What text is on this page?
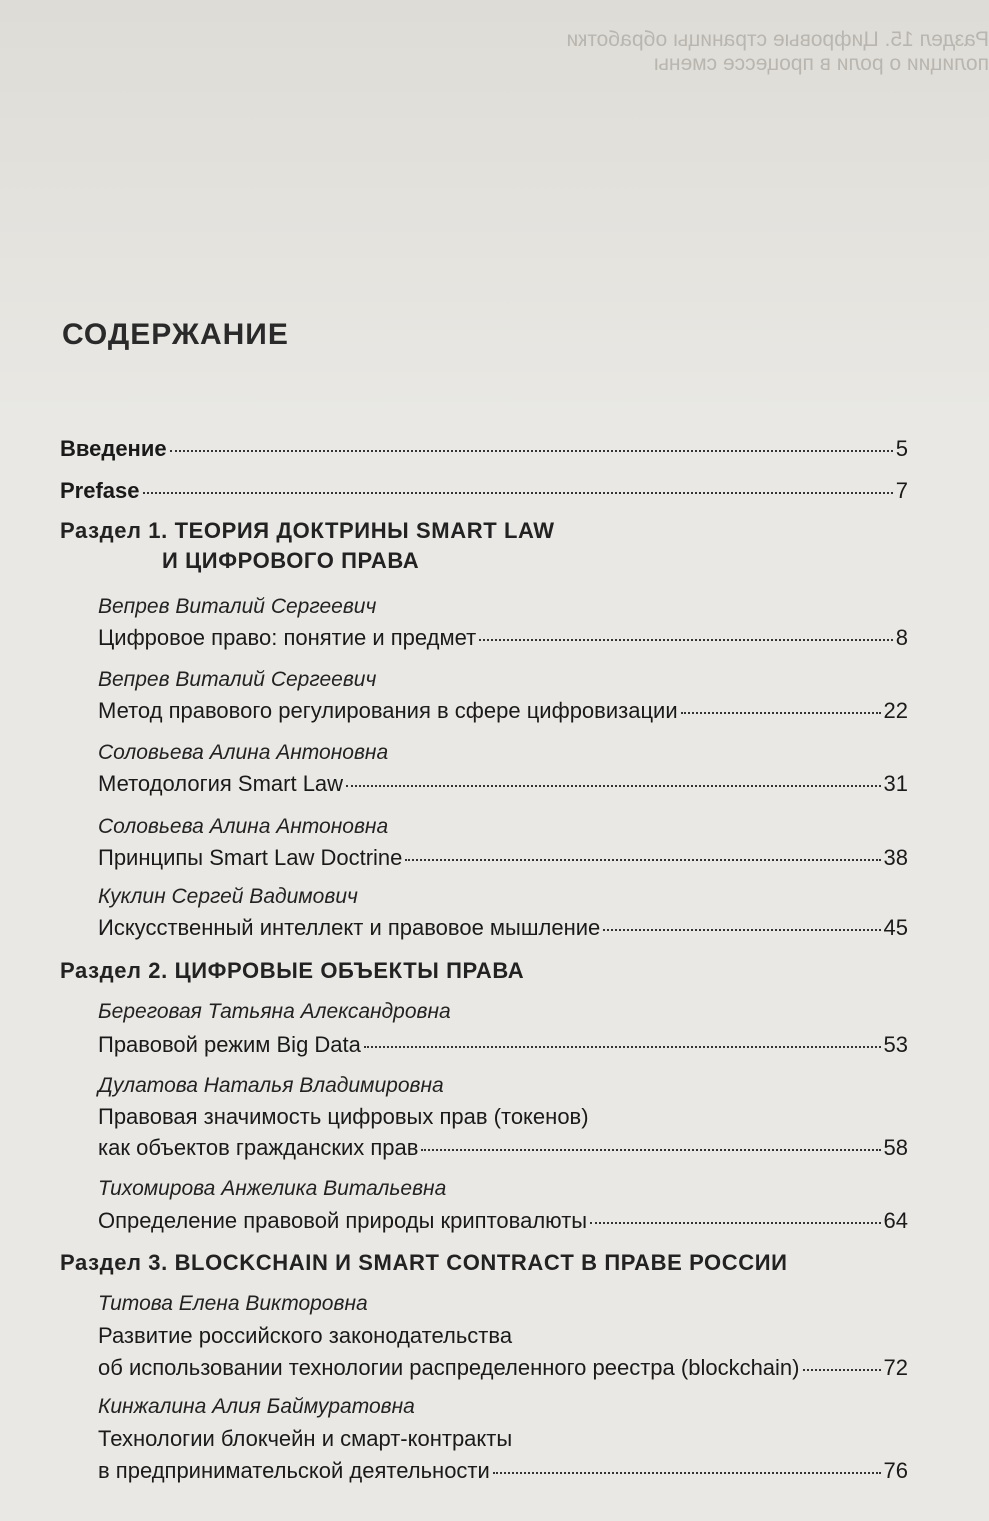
Раздел 15. Цифровые страницы обработки полиции о роли в процессе смены
СОДЕРЖАНИЕ
Введение	5
Prefase	7
Раздел 1. ТЕОРИЯ ДОКТРИНЫ SMART LAW
И ЦИФРОВОГО ПРАВА
Вепрев Виталий Сергеевич
Цифровое право: понятие и предмет	8
Вепрев Виталий Сергеевич
Метод правового регулирования в сфере цифровизации	22
Соловьева Алина Антоновна
Методология Smart Law	31
Соловьева Алина Антоновна
Принципы Smart Law Doctrine	38
Куклин Сергей Вадимович
Искусственный интеллект и правовое мышление	45
Раздел 2. ЦИФРОВЫЕ ОБЪЕКТЫ ПРАВА
Береговая Татьяна Александровна
Правовой режим Big Data	53
Дулатова Наталья Владимировна
Правовая значимость цифровых прав (токенов)
как объектов гражданских прав	58
Тихомирова Анжелика Витальевна
Определение правовой природы криптовалюты	64
Раздел 3. BLOCKCHAIN И SMART CONTRACT В ПРАВЕ РОССИИ
Титова Елена Викторовна
Развитие российского законодательства
об использовании технологии распределенного реестра (blockchain)	72
Кинжалина Алия Баймуратовна
Технологии блокчейн и смарт-контракты
в предпринимательской деятельности	76
